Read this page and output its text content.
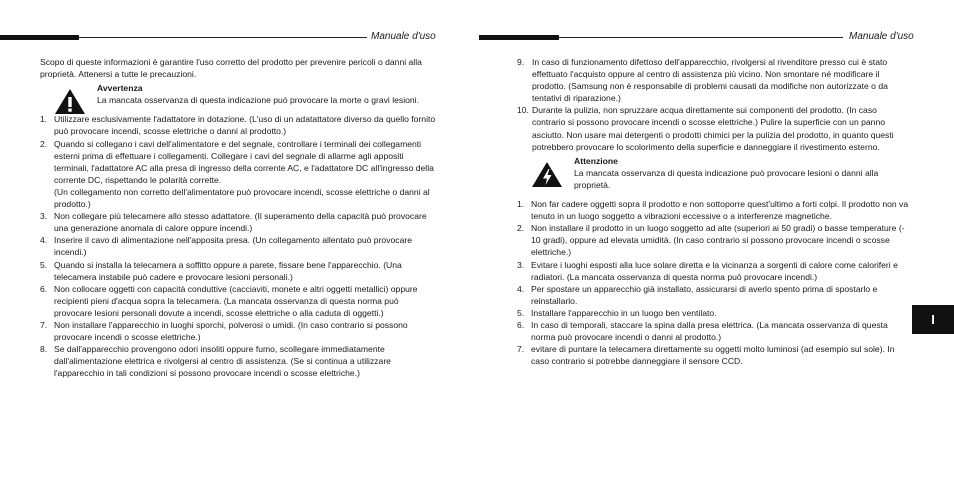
Manuale d'uso

Scopo di queste informazioni è garantire l'uso corretto del prodotto per prevenire pericoli o danni alla proprietà. Attenersi a tutte le precauzioni.

Avvertenza
La mancata osservanza di questa indicazione può provocare la morte o gravi lesioni.
1. Utilizzare esclusivamente l'adattatore in dotazione. (L'uso di un adatattatore diverso da quello fornito può provocare incendi, scosse elettriche o danni al prodotto.)
2. Quando si collegano i cavi dell'alimentatore e del segnale, controllare i terminali dei collegamenti esterni prima di effettuare i collegamenti. Collegare i cavi del segnale di allarme agli appositi terminali, l'adattatore AC alla presa di ingresso della corrente AC, e l'adattatore DC all'ingresso della corrente DC, rispettando le polarità corrette.
(Un collegamento non corretto dell'alimentatore può provocare incendi, scosse elettriche o danni al prodotto.)
3. Non collegare più telecamere allo stesso adattatore. (Il superamento della capacità può provocare una generazione anomala di calore oppure incendi.)
4. Inserire il cavo di alimentazione nell'apposita presa. (Un collegamento allentato può provocare incendi.)
5. Quando si installa la telecamera a soffitto oppure a parete, fissare bene l'apparecchio. (Una telecamera instabile può cadere e provocare lesioni personali.)
6. Non collocare oggetti con capacità conduttive (cacciaviti, monete e altri oggetti metallici) oppure recipienti pieni d'acqua sopra la telecamera. (La mancata osservanza di questa norma può provocare lesioni personali dovute a incendi, scosse elettriche o alla caduta di oggetti.)
7. Non installare l'apparecchio in luoghi sporchi, polverosi o umidi. (In caso contrario si possono provocare incendi o scosse elettriche.)
8. Se dall'apparecchio provengono odori insoliti oppure fumo, scollegare immediatamente dall'alimentazione elettrica e rivolgersi al centro di assistenza. (Se si continua a utilizzare l'apparecchio in tali condizioni si possono provocare incendi o scosse elettriche.)
Manuale d'uso
9. In caso di funzionamento difettoso dell'apparecchio, rivolgersi al rivenditore presso cui è stato effettuato l'acquisto oppure al centro di assistenza più vicino. Non smontare né modificare il prodotto. (Samsung non è responsabile di problemi causati da modifiche non autorizzate o da tentativi di riparazione.)
10. Durante la pulizia, non spruzzare acqua direttamente sui componenti del prodotto. (In caso contrario si possono provocare incendi o scosse elettriche.) Pulire la superficie con un panno asciutto. Non usare mai detergenti o prodotti chimici per la pulizia del prodotto, in quanto questi potrebbero provocare lo scolorimento della superficie e danneggiare il rivestimento esterno.
Attenzione
La mancata osservanza di questa indicazione può provocare lesioni o danni alla proprietà.
1. Non far cadere oggetti sopra il prodotto e non sottoporre quest'ultimo a forti colpi. Il prodotto non va tenuto in un luogo soggetto a vibrazioni eccessive o a interferenze magnetiche.
2. Non installare il prodotto in un luogo soggetto ad alte (superiori ai 50 gradi) o basse temperature (- 10 gradi), oppure ad elevata umidità. (In caso contrario si possono provocare incendi o scosse elettriche.)
3. Evitare i luoghi esposti alla luce solare diretta e la vicinanza a sorgenti di calore come caloriferi e radiatori. (La mancata osservanza di questa norma può provocare incendi.)
4. Per spostare un apparecchio già installato, assicurarsi di averlo spento prima di spostarlo e reinstallarlo.
5. Installare l'apparecchio in un luogo ben ventilato.
6. In caso di temporali, staccare la spina dalla presa elettrica. (La mancata osservanza di questa norma può provocare incendi o danni al prodotto.)
7. evitare di puntare la telecamera direttamente su oggetti molto luminosi (ad esempio sul sole). In caso contrario si potrebbe danneggiare il sensore CCD.
I
